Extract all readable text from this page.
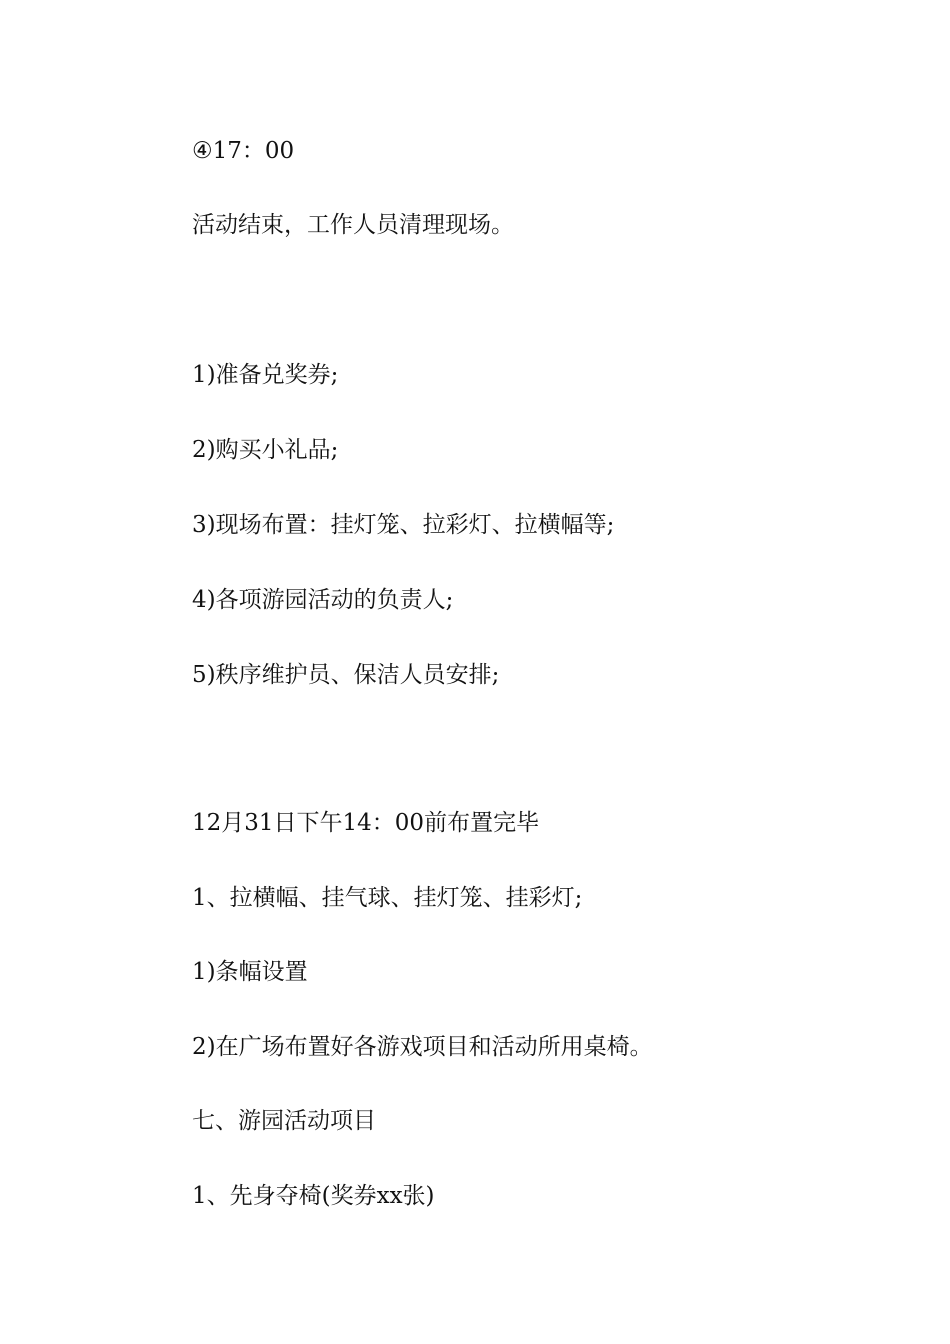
④17：00

活动结束，工作人员清理现场。

1)准备兑奖券;

2)购买小礼品;

3)现场布置：挂灯笼、拉彩灯、拉横幅等;

4)各项游园活动的负责人;

5)秩序维护员、保洁人员安排;

12月31日下午14：00前布置完毕

1、拉横幅、挂气球、挂灯笼、挂彩灯;

1)条幅设置

2)在广场布置好各游戏项目和活动所用桌椅。

七、游园活动项目

1、先身夺椅(奖券xx张)
